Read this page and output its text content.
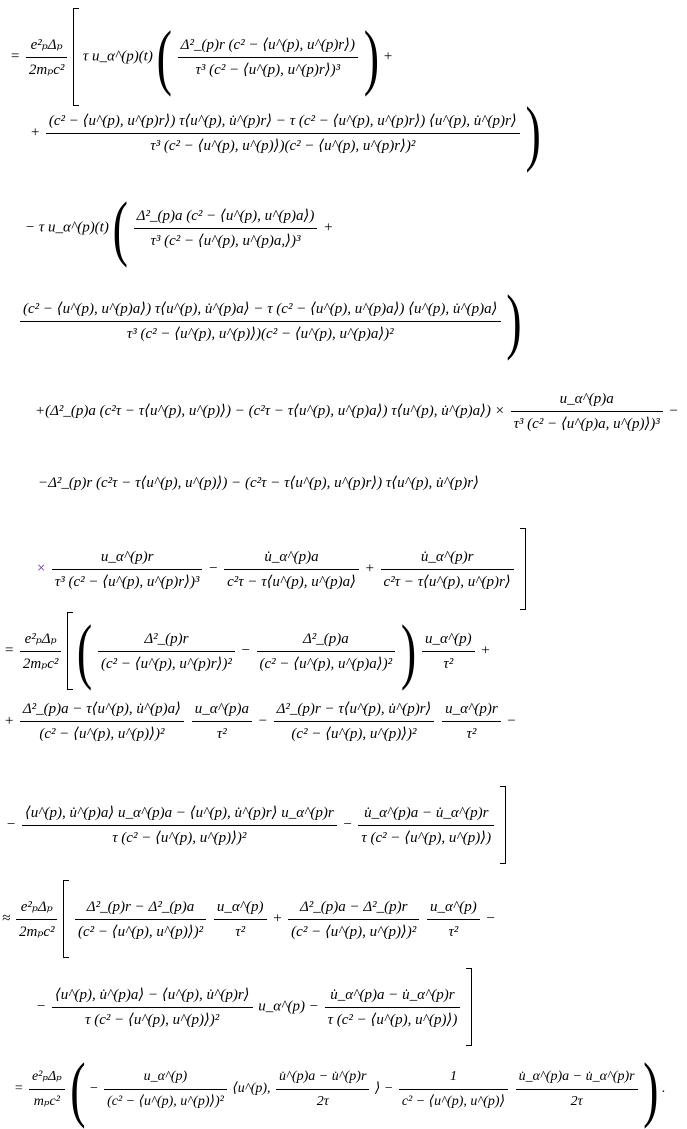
= $\frac{\text{e²ₚΔₚ}}{\text{2mₚc²}}$ τ u_α^(p)(t) ( $\frac{\text{Δ²\_(p)r (c² − ⟨u\textasciicircum{}(p), u\textasciicircum{}(p)r⟩)}}{\text{τ³ (c² − ⟨u\textasciicircum{}(p), u\textasciicircum{}(p)r⟩)³}}$ ) +
+
(c² − ⟨u^(p), u^(p)r⟩) τ⟨u^(p), u̇^(p)r⟩ − τ (c² − ⟨u^(p), u^(p)r⟩) ⟨u^(p), u̇^(p)r⟩
τ³ (c² − ⟨u^(p), u^(p)⟩)(c² − ⟨u^(p), u^(p)r⟩)²	)
− τ u_α^(p)(t) ( $\frac{\text{Δ²\_(p)a (c² − ⟨u\textasciicircum{}(p), u\textasciicircum{}(p)a⟩)}}{\text{τ³ (c² − ⟨u\textasciicircum{}(p), u\textasciicircum{}(p)a,⟩)³}}$ +
(c² − ⟨u^(p), u^(p)a⟩) τ⟨u^(p), u̇^(p)a⟩ − τ (c² − ⟨u^(p), u^(p)a⟩) ⟨u^(p), u̇^(p)a⟩
τ³ (c² − ⟨u^(p), u^(p)⟩)(c² − ⟨u^(p), u^(p)a⟩)²	)
+(Δ²_(p)a (c²τ − τ⟨u^(p), u^(p)⟩) − (c²τ − τ⟨u^(p), u^(p)a⟩) τ⟨u^(p), u̇^(p)a⟩) × $\frac{u\_\alpha\^{}(p)a}{\text{τ³ (c² − ⟨u\textasciicircum{}(p)a, u\textasciicircum{}(p)⟩)³}}$ −
−Δ²_(p)r (c²τ − τ⟨u^(p), u^(p)⟩) − (c²τ − τ⟨u^(p), u^(p)r⟩) τ⟨u^(p), u̇^(p)r⟩
× $\frac{u\_\alpha\^{}(p)r}{\text{τ³ (c² − ⟨u\textasciicircum{}(p), u\textasciicircum{}(p)r⟩)³}} - \frac{u̇\_\alpha\^{}(p)a}{\text{c²τ − τ⟨u\textasciicircum{}(p), u\textasciicircum{}(p)a⟩}} + \frac{u̇\_\alpha\^{}(p)r}{\text{c²τ − τ⟨u\textasciicircum{}(p), u\textasciicircum{}(p)r⟩}}$

= $\frac{\text{e²ₚΔₚ}}{\text{2mₚc²}}$ ( $\frac{\text{Δ²\_(p)r}}{\text{(c² − ⟨u\textasciicircum{}(p), u\textasciicircum{}(p)r⟩)²}} - \frac{\text{Δ²\_(p)a}}{\text{(c² − ⟨u\textasciicircum{}(p), u\textasciicircum{}(p)a⟩)²}}$ ) $\frac{u\_\alpha\^{}(p)}{\text{τ²}}$ +
+ $\frac{\text{Δ²\_(p)a − τ⟨u\textasciicircum{}(p), u̇\textasciicircum{}(p)a⟩}}{\text{(c² − ⟨u\textasciicircum{}(p), u\textasciicircum{}(p)⟩)²}}$
$\frac{u\_\alpha\^{}(p)a}{\text{τ²}} - \frac{\text{Δ²\_(p)r − τ⟨u\textasciicircum{}(p), u̇\textasciicircum{}(p)r⟩}}{\text{(c² − ⟨u\textasciicircum{}(p), u\textasciicircum{}(p)⟩)²}}$
$\frac{u\_\alpha\^{}(p)r}{\text{τ²}}$ −
− $\frac{⟨u\^{}(p), u̇\^{}(p)a⟩ u\_\alpha\^{}(p)a - ⟨u\^{}(p), u̇\^{}(p)r⟩ u\_\alpha\^{}(p)r}{\text{τ (c² − ⟨u\textasciicircum{}(p), u\textasciicircum{}(p)⟩)²}} - \frac{u̇\_\alpha\^{}(p)a - u̇\_\alpha\^{}(p)r}{\text{τ (c² − ⟨u\textasciicircum{}(p), u\textasciicircum{}(p)⟩)}}$

≈ $\frac{\text{e²ₚΔₚ}}{\text{2mₚc²}}$
$\frac{\text{Δ²\_(p)r − Δ²\_(p)a}}{\text{(c² − ⟨u\textasciicircum{}(p), u\textasciicircum{}(p)⟩)²}}$
$\frac{u\_\alpha\^{}(p)}{\text{τ²}} + \frac{\text{Δ²\_(p)a − Δ²\_(p)r}}{\text{(c² − ⟨u\textasciicircum{}(p), u\textasciicircum{}(p)⟩)²}}$
$\frac{u\_\alpha\^{}(p)}{\text{τ²}}$ −
− $\frac{⟨u\^{}(p), u̇\^{}(p)a⟩ - ⟨u\^{}(p), u̇\^{}(p)r⟩}{\text{τ (c² − ⟨u\textasciicircum{}(p), u\textasciicircum{}(p)⟩)²}}$ u_α^(p) − $\frac{u̇\_\alpha\^{}(p)a - u̇\_\alpha\^{}(p)r}{\text{τ (c² − ⟨u\textasciicircum{}(p), u\textasciicircum{}(p)⟩)}}$

= $\frac{\text{e²ₚΔₚ}}{\text{mₚc²}}$ ( − $\frac{u\_\alpha\^{}(p)}{\text{(c² − ⟨u\textasciicircum{}(p), u\textasciicircum{}(p)⟩)²}}$ ⟨u^(p), $\frac{u̇\^{}(p)a - u̇\^{}(p)r}{2\tau}$ ⟩ − $\frac{1}{\text{c² − ⟨u\textasciicircum{}(p), u\textasciicircum{}(p)⟩}}$
$\frac{u̇\_\alpha\^{}(p)a - u̇\_\alpha\^{}(p)r}{2\tau}$ ) .
